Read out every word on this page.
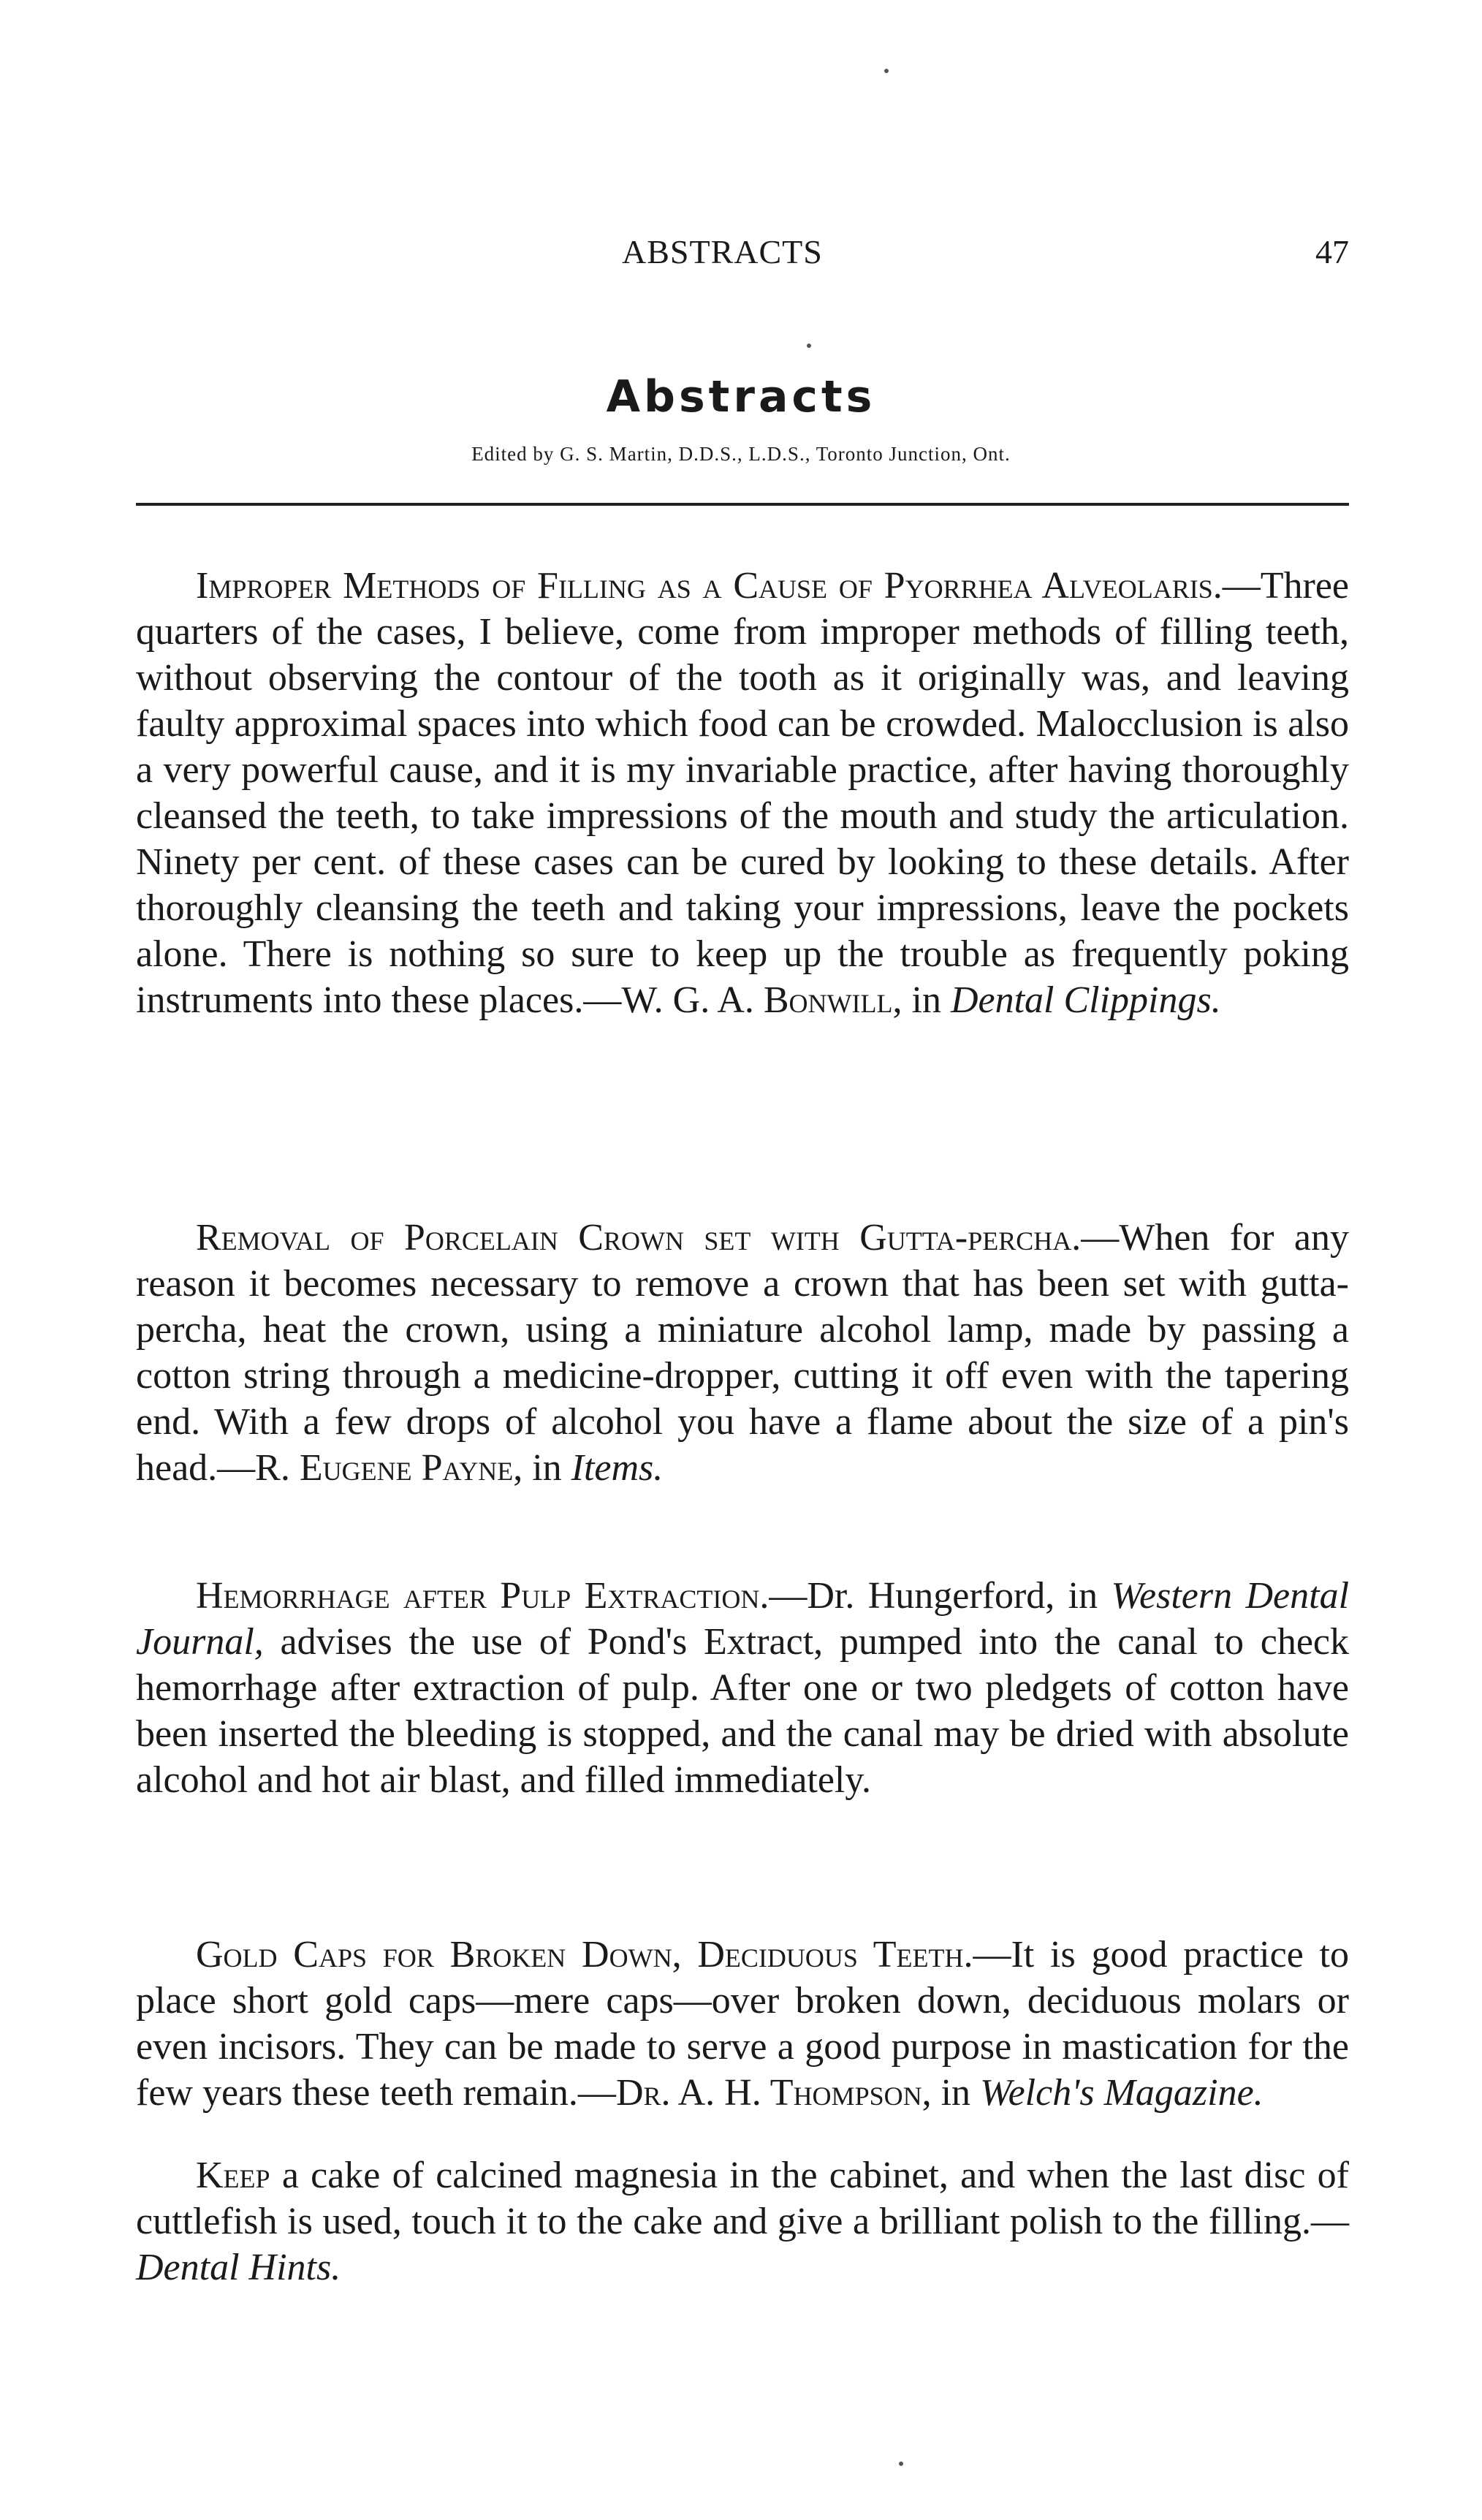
ABSTRACTS	47
Abstracts
Edited by G. S. Martin, D.D.S., L.D.S., Toronto Junction, Ont.

Improper Methods of Filling as a Cause of Pyorrhea Alveolaris.—Three quarters of the cases, I believe, come from improper methods of filling teeth, without observing the contour of the tooth as it originally was, and leaving faulty approximal spaces into which food can be crowded. Malocclusion is also a very powerful cause, and it is my invariable practice, after having thoroughly cleansed the teeth, to take impressions of the mouth and study the articulation. Ninety per cent. of these cases can be cured by looking to these details. After thoroughly cleansing the teeth and taking your impressions, leave the pockets alone. There is nothing so sure to keep up the trouble as frequently poking instruments into these places.—W. G. A. Bonwill, in Dental Clippings.

Removal of Porcelain Crown set with Gutta-percha.—When for any reason it becomes necessary to remove a crown that has been set with gutta-percha, heat the crown, using a miniature alcohol lamp, made by passing a cotton string through a medicine-dropper, cutting it off even with the tapering end. With a few drops of alcohol you have a flame about the size of a pin's head.—R. Eugene Payne, in Items.

Hemorrhage after Pulp Extraction.—Dr. Hungerford, in Western Dental Journal, advises the use of Pond's Extract, pumped into the canal to check hemorrhage after extraction of pulp. After one or two pledgets of cotton have been inserted the bleeding is stopped, and the canal may be dried with absolute alcohol and hot air blast, and filled immediately.

Gold Caps for Broken Down, Deciduous Teeth.—It is good practice to place short gold caps—mere caps—over broken down, deciduous molars or even incisors. They can be made to serve a good purpose in mastication for the few years these teeth remain.—Dr. A. H. Thompson, in Welch's Magazine.

Keep a cake of calcined magnesia in the cabinet, and when the last disc of cuttlefish is used, touch it to the cake and give a brilliant polish to the filling.—Dental Hints.
